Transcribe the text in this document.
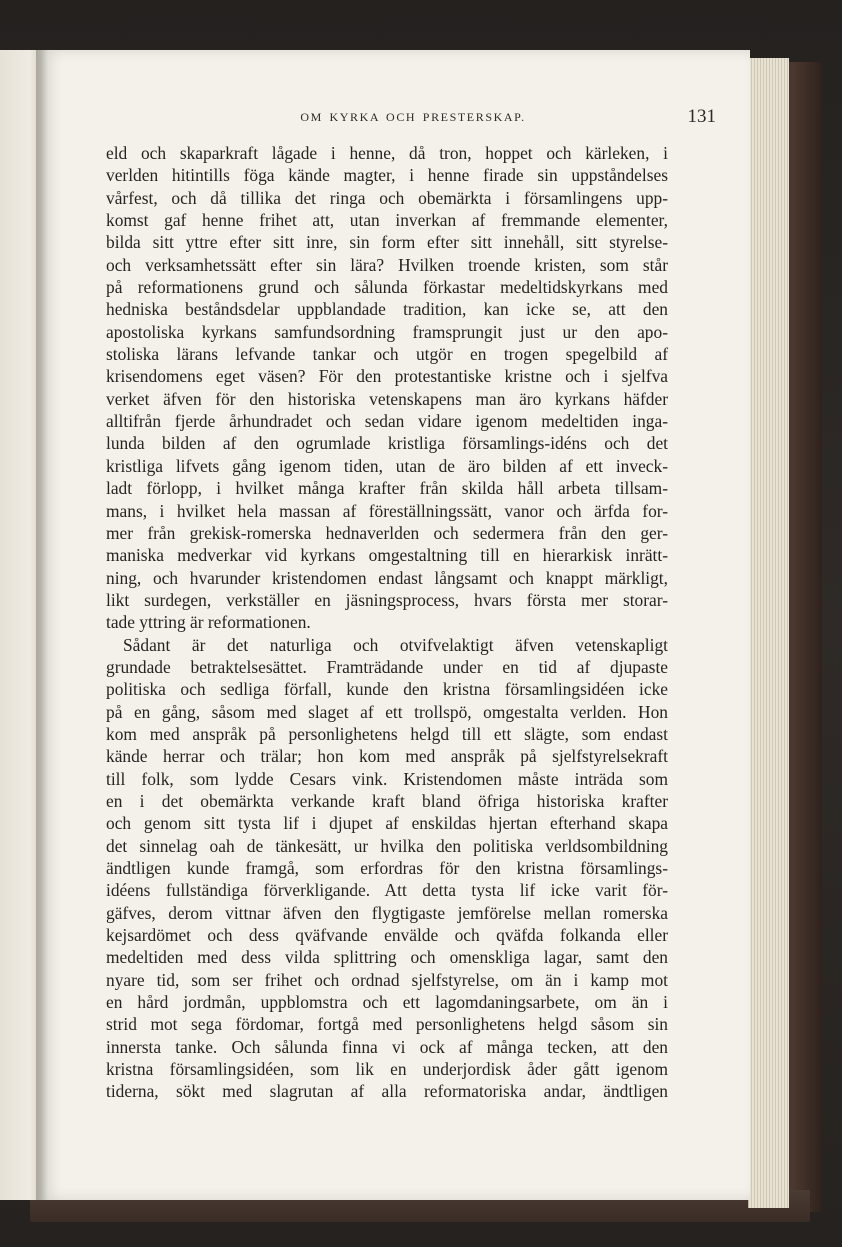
OM KYRKA OCH PRESTERSKAP.	131
eld och skaparkraft lågade i henne, då tron, hoppet och kärleken, i
verlden hitintills föga kände magter, i henne firade sin uppståndelses
vårfest, och då tillika det ringa och obemärkta i församlingens upp-
komst gaf henne frihet att, utan inverkan af fremmande elementer,
bilda sitt yttre efter sitt inre, sin form efter sitt innehåll, sitt styrelse-
och verksamhetssätt efter sin lära? Hvilken troende kristen, som står
på reformationens grund och sålunda förkastar medeltidskyrkans med
hedniska beståndsdelar uppblandade tradition, kan icke se, att den
apostoliska kyrkans samfundsordning framsprungit just ur den apo-
stoliska lärans lefvande tankar och utgör en trogen spegelbild af
krisendomens eget väsen? För den protestantiske kristne och i sjelfva
verket äfven för den historiska vetenskapens man äro kyrkans häfder
alltifrån fjerde århundradet och sedan vidare igenom medeltiden inga-
lunda bilden af den ogrumlade kristliga församlings-idéns och det
kristliga lifvets gång igenom tiden, utan de äro bilden af ett inveck-
ladt förlopp, i hvilket många krafter från skilda håll arbeta tillsam-
mans, i hvilket hela massan af föreställningssätt, vanor och ärfda for-
mer från grekisk-romerska hednaverlden och sedermera från den ger-
maniska medverkar vid kyrkans omgestaltning till en hierarkisk inrätt-
ning, och hvarunder kristendomen endast långsamt och knappt märkligt,
likt surdegen, verkställer en jäsningsprocess, hvars första mer storar-
tade yttring är reformationen.
Sådant är det naturliga och otvifvelaktigt äfven vetenskapligt
grundade betraktelsesättet. Framträdande under en tid af djupaste
politiska och sedliga förfall, kunde den kristna församlingsidéen icke
på en gång, såsom med slaget af ett trollspö, omgestalta verlden. Hon
kom med anspråk på personlighetens helgd till ett slägte, som endast
kände herrar och trälar; hon kom med anspråk på sjelfstyrelsekraft
till folk, som lydde Cesars vink. Kristendomen måste inträda som
en i det obemärkta verkande kraft bland öfriga historiska krafter
och genom sitt tysta lif i djupet af enskildas hjertan efterhand skapa
det sinnelag oah de tänkesätt, ur hvilka den politiska verldsombildning
ändtligen kunde framgå, som erfordras för den kristna församlings-
idéens fullständiga förverkligande. Att detta tysta lif icke varit för-
gäfves, derom vittnar äfven den flygtigaste jemförelse mellan romerska
kejsardömet och dess qväfvande envälde och qväfda folkanda eller
medeltiden med dess vilda splittring och omenskliga lagar, samt den
nyare tid, som ser frihet och ordnad sjelfstyrelse, om än i kamp mot
en hård jordmån, uppblomstra och ett lagomdaningsarbete, om än i
strid mot sega fördomar, fortgå med personlighetens helgd såsom sin
innersta tanke. Och sålunda finna vi ock af många tecken, att den
kristna församlingsidéen, som lik en underjordisk åder gått igenom
tiderna, sökt med slagrutan af alla reformatoriska andar, ändtligen
